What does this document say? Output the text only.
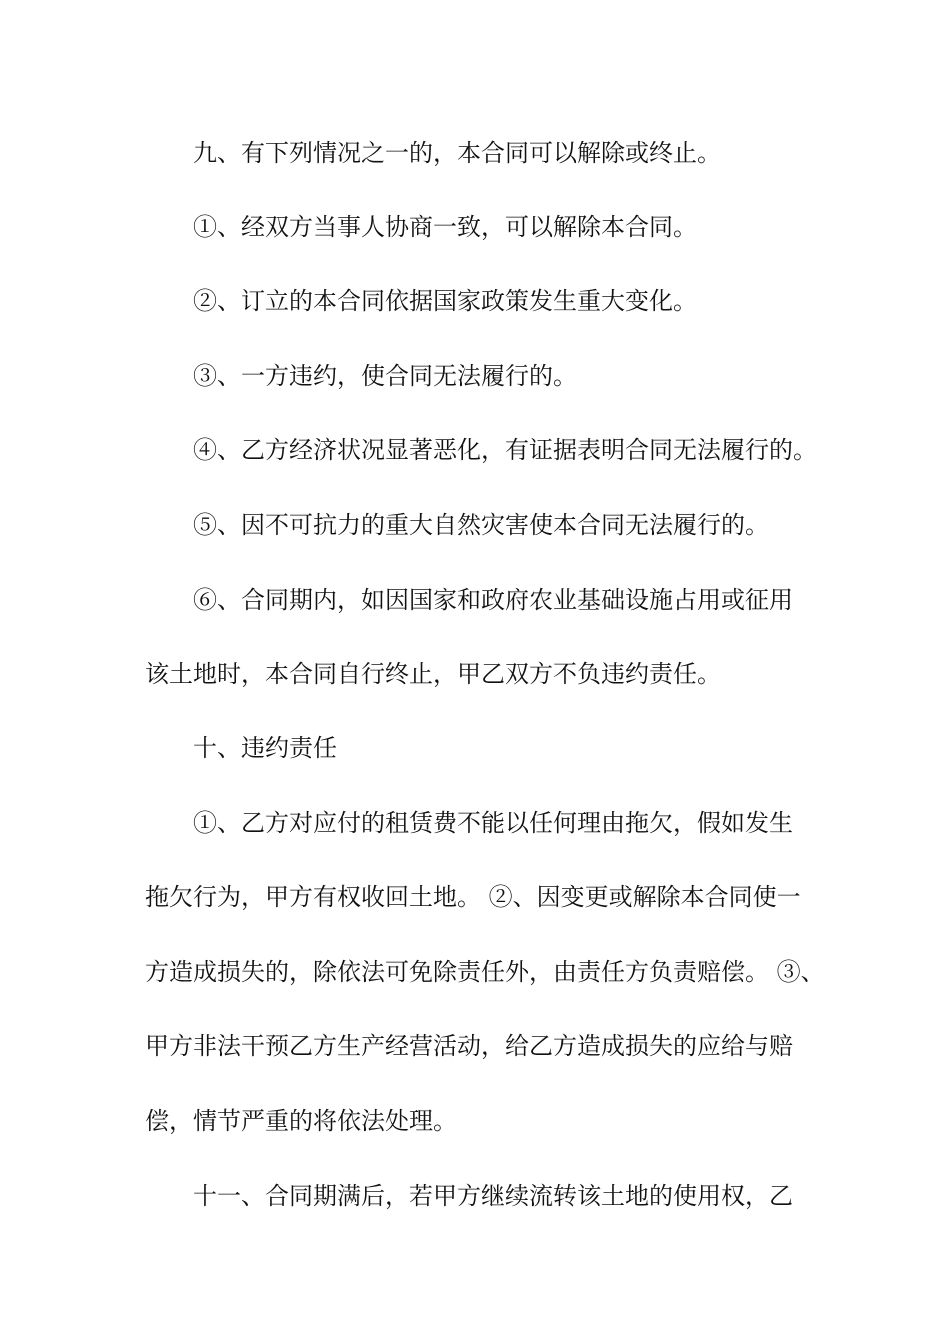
九、有下列情况之一的，本合同可以解除或终止。
①、经双方当事人协商一致，可以解除本合同。
②、订立的本合同依据国家政策发生重大变化。
③、一方违约，使合同无法履行的。
④、乙方经济状况显著恶化，有证据表明合同无法履行的。
⑤、因不可抗力的重大自然灾害使本合同无法履行的。
⑥、合同期内，如因国家和政府农业基础设施占用或征用
该土地时，本合同自行终止，甲乙双方不负违约责任。
十、违约责任
①、乙方对应付的租赁费不能以任何理由拖欠，假如发生
拖欠行为，甲方有权收回土地。 ②、因变更或解除本合同使一
方造成损失的，除依法可免除责任外，由责任方负责赔偿。 ③、
甲方非法干预乙方生产经营活动，给乙方造成损失的应给与赔
偿，情节严重的将依法处理。
十一、合同期满后，若甲方继续流转该土地的使用权，乙
